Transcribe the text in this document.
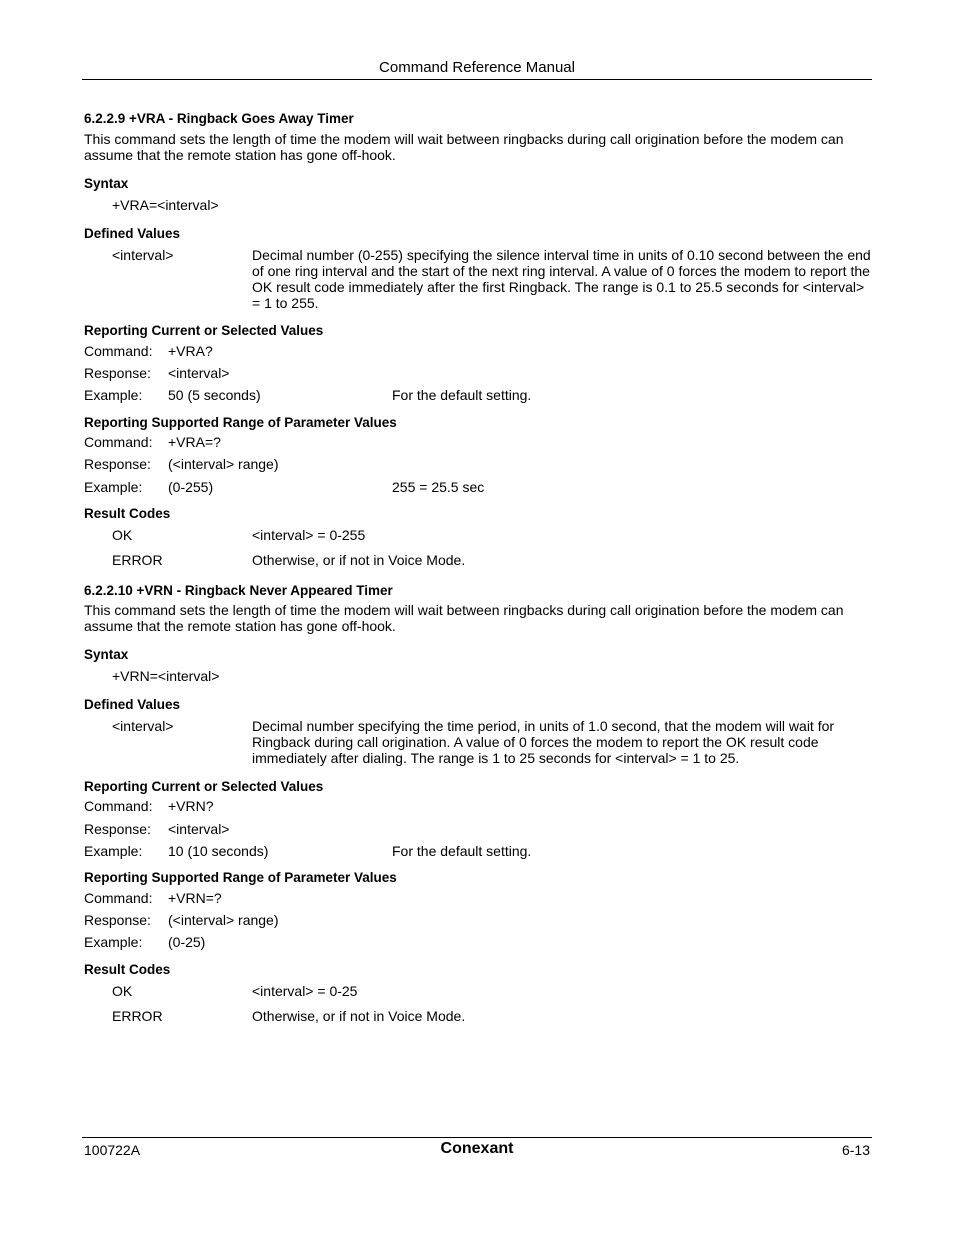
Command Reference Manual
6.2.2.9 +VRA - Ringback Goes Away Timer
This command sets the length of time the modem will wait between ringbacks during call origination before the modem can assume that the remote station has gone off-hook.
Syntax
+VRA=<interval>
Defined Values
<interval>	Decimal number (0-255) specifying the silence interval time in units of 0.10 second between the end of one ring interval and the start of the next ring interval. A value of 0 forces the modem to report the OK result code immediately after the first Ringback. The range is 0.1 to 25.5 seconds for <interval> = 1 to 255.
Reporting Current or Selected Values
Command: +VRA?
Response: <interval>
Example: 50 (5 seconds)	For the default setting.
Reporting Supported Range of Parameter Values
Command: +VRA=?
Response: (<interval> range)
Example: (0-255)	255 = 25.5 sec
Result Codes
OK	<interval> = 0-255
ERROR	Otherwise, or if not in Voice Mode.
6.2.2.10 +VRN - Ringback Never Appeared Timer
This command sets the length of time the modem will wait between ringbacks during call origination before the modem can assume that the remote station has gone off-hook.
Syntax
+VRN=<interval>
Defined Values
<interval>	Decimal number specifying the time period, in units of 1.0 second, that the modem will wait for Ringback during call origination. A value of 0 forces the modem to report the OK result code immediately after dialing. The range is 1 to 25 seconds for <interval> = 1 to 25.
Reporting Current or Selected Values
Command: +VRN?
Response: <interval>
Example: 10 (10 seconds)	For the default setting.
Reporting Supported Range of Parameter Values
Command: +VRN=?
Response: (<interval> range)
Example: (0-25)
Result Codes
OK	<interval> = 0-25
ERROR	Otherwise, or if not in Voice Mode.
100722A	Conexant	6-13
